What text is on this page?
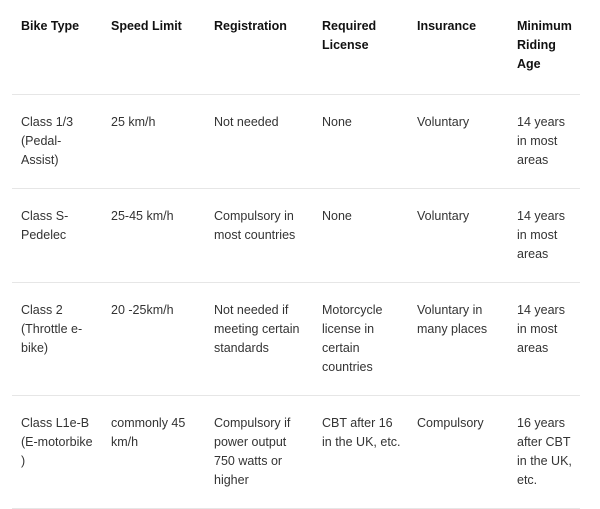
Bike Type	Speed Limit	Registration	Required License	Insurance	Minimum Riding Age
Class 1/3 (Pedal-Assist)	25 km/h	Not needed	None	Voluntary	14 years in most areas
Class S-Pedelec	25-45 km/h	Compulsory in most countries	None	Voluntary	14 years in most areas
Class 2 (Throttle e-bike)	20 -25km/h	Not needed if meeting certain standards	Motorcycle license in certain countries	Voluntary in many places	14 years in most areas
Class L1e-B (E-motorbike )	commonly 45 km/h	Compulsory if power output 750 watts or higher	CBT after 16 in the UK, etc.	Compulsory	16 years after CBT in the UK, etc.
